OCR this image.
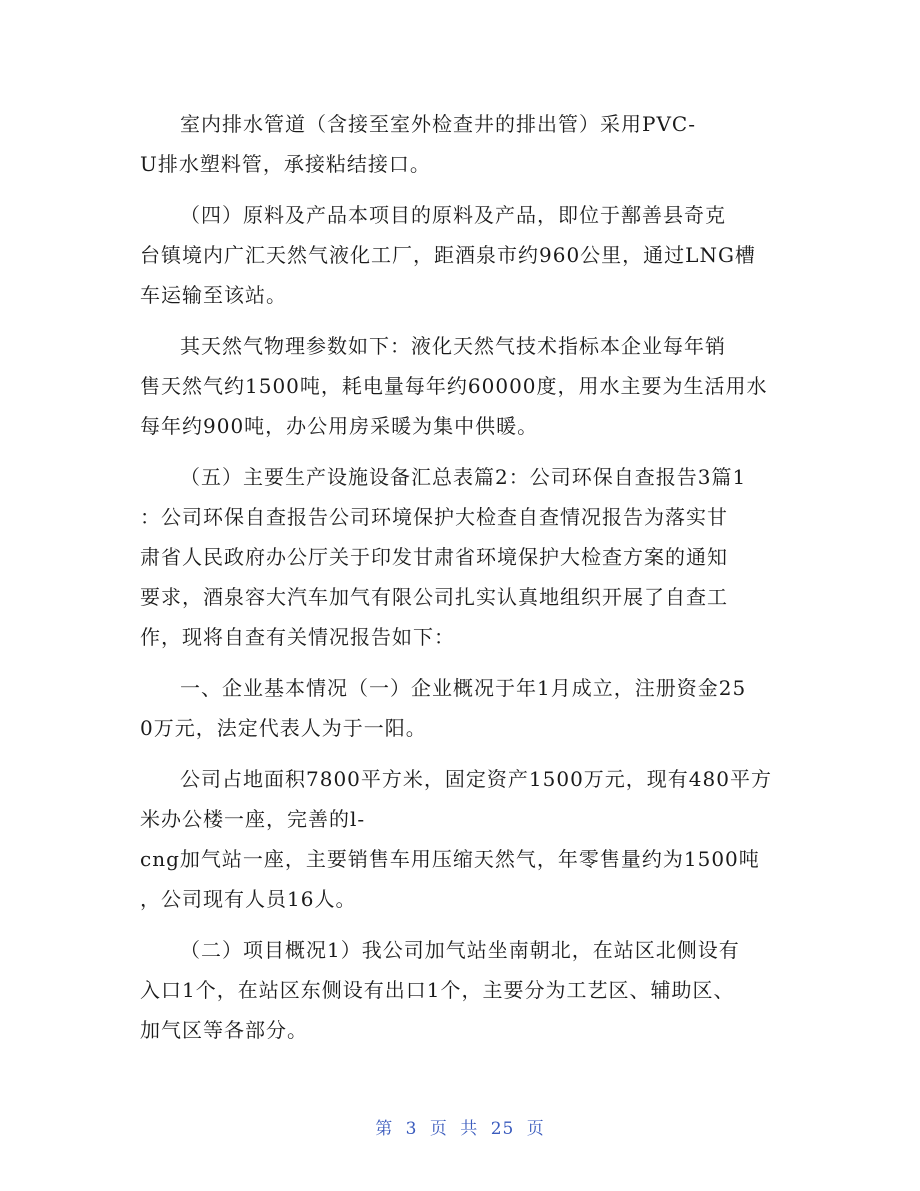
室内排水管道（含接至室外检查井的排出管）采用PVC-
U排水塑料管，承接粘结接口。
（四）原料及产品本项目的原料及产品，即位于鄯善县奇克
台镇境内广汇天然气液化工厂，距酒泉市约960公里，通过LNG槽
车运输至该站。
其天然气物理参数如下：液化天然气技术指标本企业每年销
售天然气约1500吨，耗电量每年约60000度，用水主要为生活用水
每年约900吨，办公用房采暖为集中供暖。
（五）主要生产设施设备汇总表篇2：公司环保自查报告3篇1
：公司环保自查报告公司环境保护大检查自查情况报告为落实甘
肃省人民政府办公厅关于印发甘肃省环境保护大检查方案的通知
要求，酒泉容大汽车加气有限公司扎实认真地组织开展了自查工
作，现将自查有关情况报告如下：
一、企业基本情况（一）企业概况于年1月成立，注册资金25
0万元，法定代表人为于一阳。
公司占地面积7800平方米，固定资产1500万元，现有480平方
米办公楼一座，完善的l-
cng加气站一座，主要销售车用压缩天然气，年零售量约为1500吨
，公司现有人员16人。
（二）项目概况1）我公司加气站坐南朝北，在站区北侧设有
入口1个，在站区东侧设有出口1个，主要分为工艺区、辅助区、
加气区等各部分。
第 3 页 共 25 页
